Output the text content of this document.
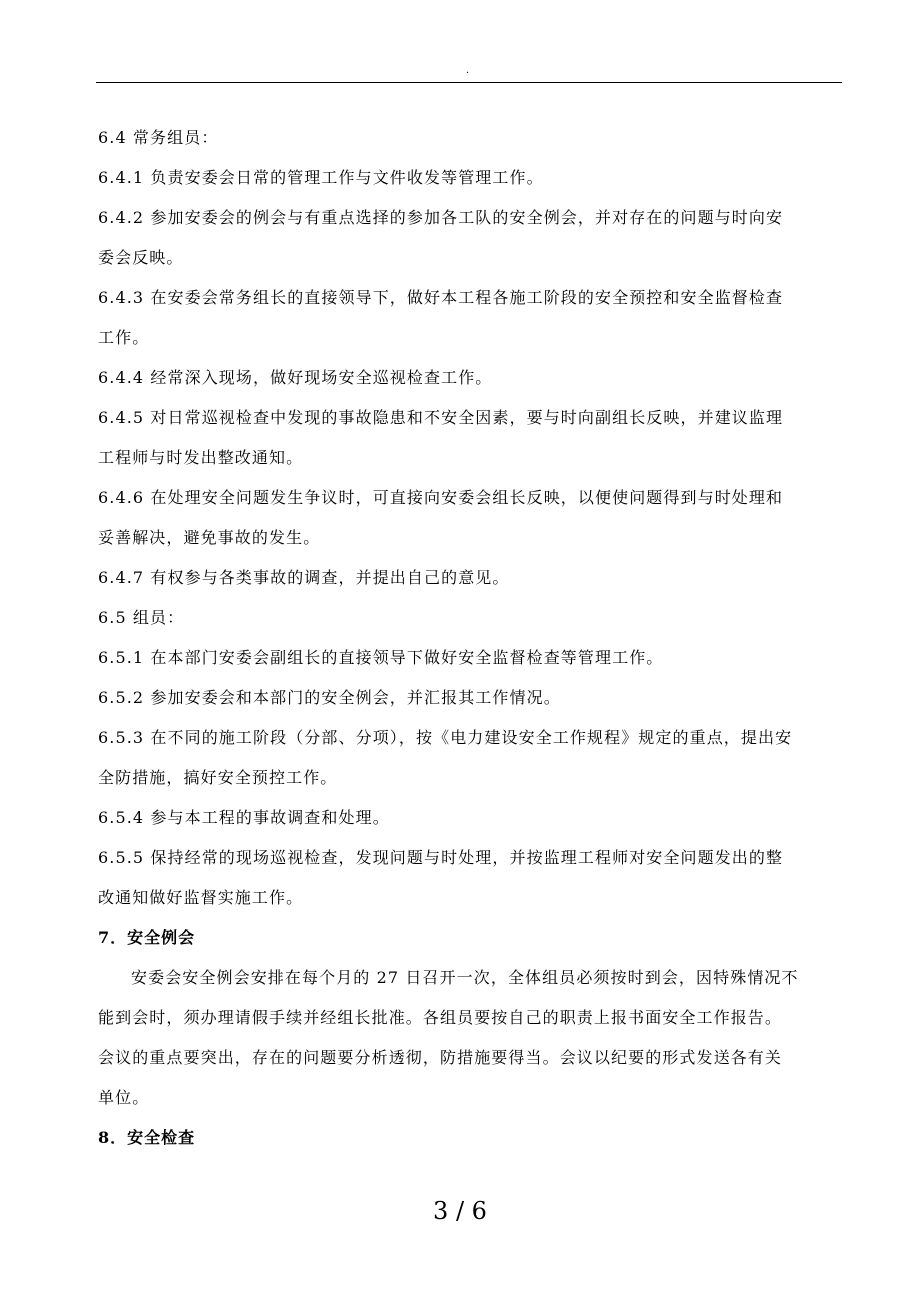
.
6.4 常务组员：
6.4.1 负责安委会日常的管理工作与文件收发等管理工作。
6.4.2 参加安委会的例会与有重点选择的参加各工队的安全例会，并对存在的问题与时向安
委会反映。
6.4.3 在安委会常务组长的直接领导下，做好本工程各施工阶段的安全预控和安全监督检查
工作。
6.4.4 经常深入现场，做好现场安全巡视检查工作。
6.4.5 对日常巡视检查中发现的事故隐患和不安全因素，要与时向副组长反映，并建议监理
工程师与时发出整改通知。
6.4.6 在处理安全问题发生争议时，可直接向安委会组长反映，以便使问题得到与时处理和
妥善解决，避免事故的发生。
6.4.7 有权参与各类事故的调查，并提出自己的意见。
6.5 组员：
6.5.1 在本部门安委会副组长的直接领导下做好安全监督检查等管理工作。
6.5.2 参加安委会和本部门的安全例会，并汇报其工作情况。
6.5.3 在不同的施工阶段（分部、分项），按《电力建设安全工作规程》规定的重点，提出安
全防措施，搞好安全预控工作。
6.5.4 参与本工程的事故调查和处理。
6.5.5 保持经常的现场巡视检查，发现问题与时处理，并按监理工程师对安全问题发出的整
改通知做好监督实施工作。
7．安全例会
安委会安全例会安排在每个月的 27 日召开一次，全体组员必须按时到会，因特殊情况不
能到会时，须办理请假手续并经组长批准。各组员要按自己的职责上报书面安全工作报告。
会议的重点要突出，存在的问题要分析透彻，防措施要得当。会议以纪要的形式发送各有关
单位。
8．安全检查
3 / 6
